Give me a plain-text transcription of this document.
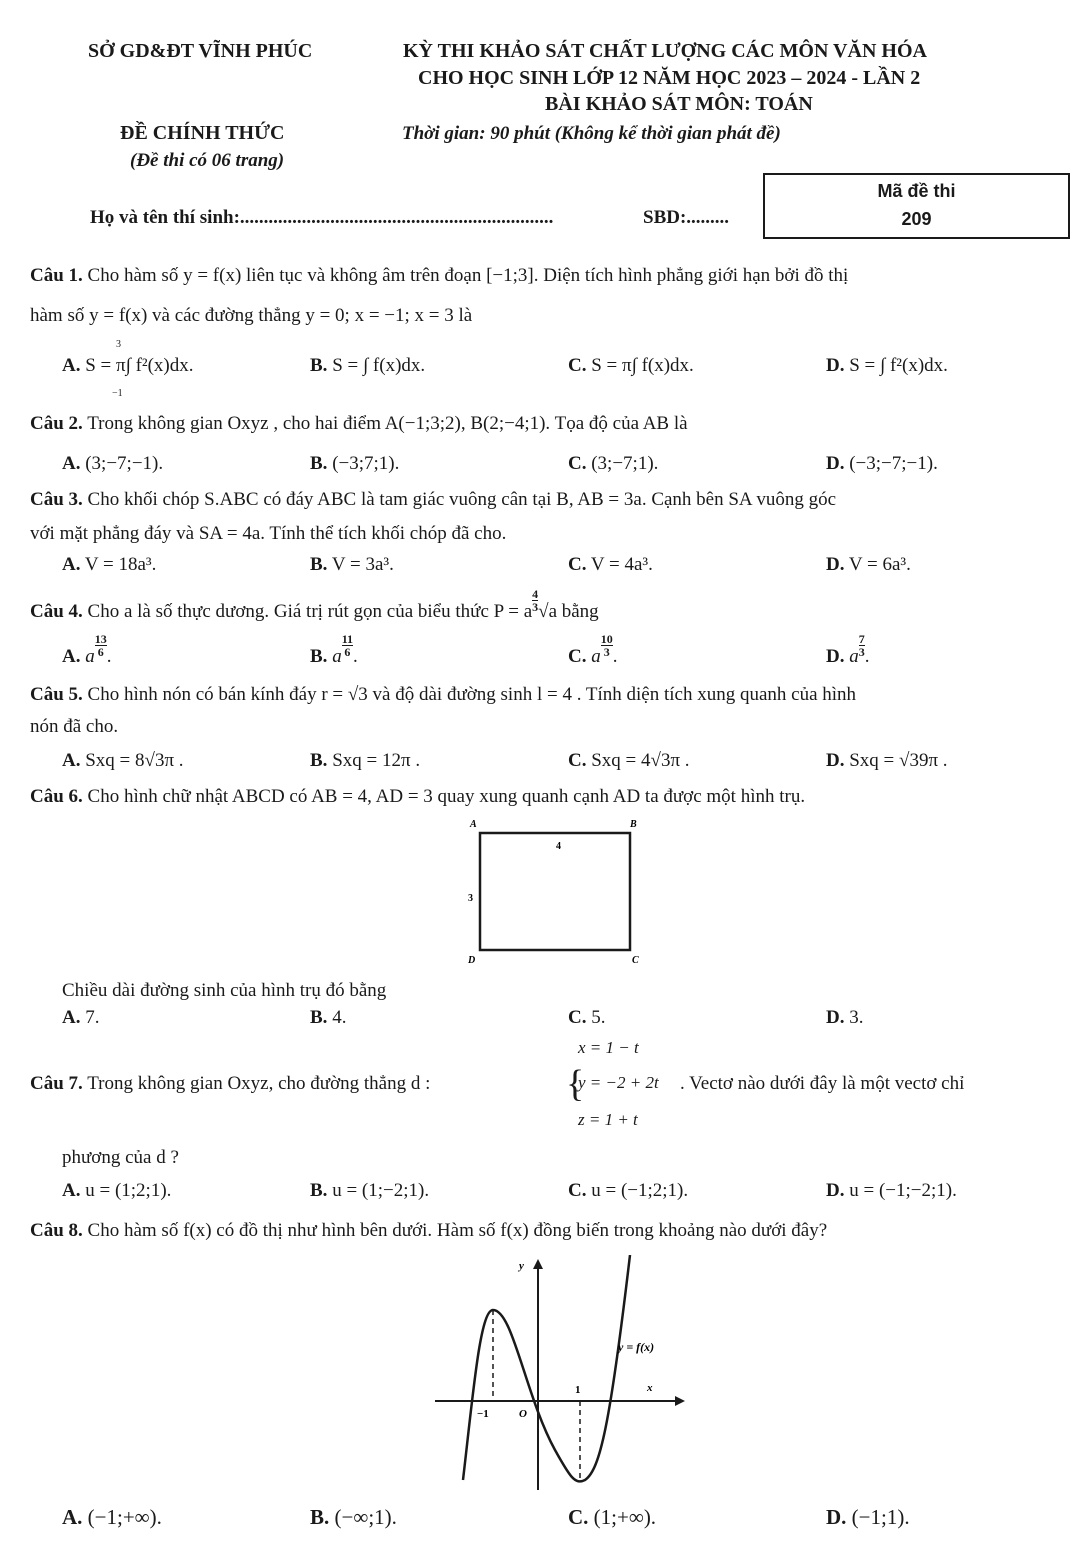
SỞ GD&ĐT VĨNH PHÚC	KỲ THI KHẢO SÁT CHẤT LƯỢNG CÁC MÔN VĂN HÓA
CHO HỌC SINH LỚP 12 NĂM HỌC 2023 – 2024 - LẦN 2
BÀI KHẢO SÁT MÔN: TOÁN
ĐỀ CHÍNH THỨC	Thời gian: 90 phút (Không kể thời gian phát đề)
(Đề thi có 06 trang)
Họ và tên thí sinh:..................................................................	SBD:.........
Mã đề thi
209
Câu 1. Cho hàm số y = f(x) liên tục và không âm trên đoạn [−1;3]. Diện tích hình phẳng giới hạn bởi đồ thị
hàm số y = f(x) và các đường thẳng y = 0; x = −1; x = 3 là
A. S = π∫ f²(x)dx.	B. S = ∫ f(x)dx.	C. S = π∫ f(x)dx.	D. S = ∫ f²(x)dx.
3
−1
Câu 2. Trong không gian Oxyz , cho hai điểm A(−1;3;2), B(2;−4;1). Tọa độ của AB là
A. (3;−7;−1).	B. (−3;7;1).	C. (3;−7;1).	D. (−3;−7;−1).
Câu 3. Cho khối chóp S.ABC có đáy ABC là tam giác vuông cân tại B, AB = 3a. Cạnh bên SA vuông góc
với mặt phẳng đáy và SA = 4a. Tính thể tích khối chóp đã cho.
A. V = 18a³.	B. V = 3a³.	C. V = 4a³.	D. V = 6a³.
Câu 4. Cho a là số thực dương. Giá trị rút gọn của biểu thức P = a $\frac{4}{3} √a$ bằng
A. a $\frac{13}{6}$ .	B. a $\frac{11}{6}$ .	C. a $\frac{10}{3}$ .	D. a $\frac{7}{3}$ .
Câu 5. Cho hình nón có bán kính đáy r = √3 và độ dài đường sinh l = 4 . Tính diện tích xung quanh của hình
nón đã cho.
A. Sxq = 8√3π .	B. Sxq = 12π .	C. Sxq = 4√3π .	D. Sxq = √39π .
Câu 6. Cho hình chữ nhật ABCD có AB = 4, AD = 3 quay xung quanh cạnh AD ta được một hình trụ.
A	B
C
D
4
3
Chiều dài đường sinh của hình trụ đó bằng
A. 7.	B. 4.	C. 5.	D. 3.
Câu 7. Trong không gian Oxyz, cho đường thẳng d :	{
x = 1 − t
y = −2 + 2t
z = 1 + t
. Vectơ nào dưới đây là một vectơ chỉ
phương của d ?
A. u = (1;2;1).	B. u = (1;−2;1).	C. u = (−1;2;1).	D. u = (−1;−2;1).
Câu 8. Cho hàm số f(x) có đồ thị như hình bên dưới. Hàm số f(x) đồng biến trong khoảng nào dưới đây?
y
x
y = f(x)
−1	O
1
A. (−1;+∞).	B. (−∞;1).	C. (1;+∞).	D. (−1;1).
